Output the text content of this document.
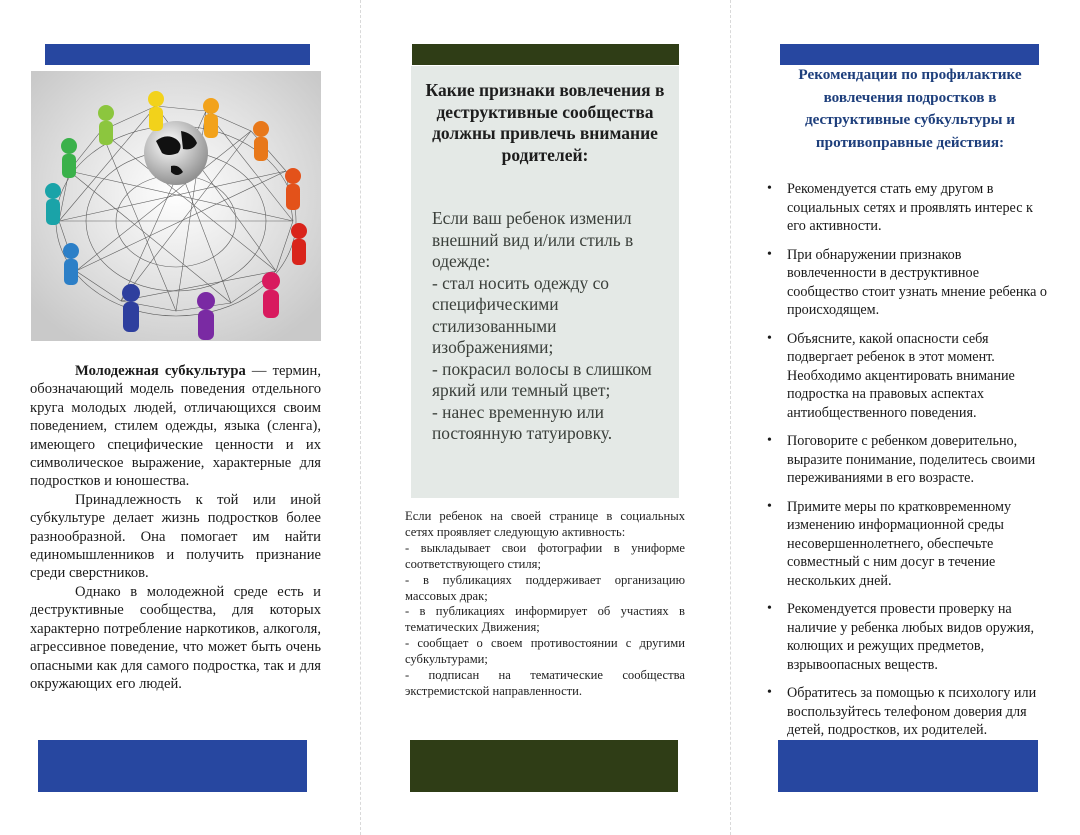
Молодежная субкультура — термин, обозначающий модель поведения отдельного круга молодых людей, отличающихся своим поведением, стилем одежды, языка (сленга), имеющего специфические ценности и их символическое выражение, характерные для подростков и юношества.

Принадлежность к той или иной субкультуре делает жизнь подростков более разнообразной. Она помогает им найти единомышленников и получить признание среди сверстников.

Однако в молодежной среде есть и деструктивные сообщества, для которых характерно потребление наркотиков, алкоголя, агрессивное поведение, что может быть очень опасными как для самого подростка, так и для окружающих его людей.

Какие признаки вовлечения в деструктивные сообщества должны привлечь внимание родителей:
Если ваш ребенок изменил внешний вид и/или стиль в одежде:
- стал носить одежду со специфическими стилизованными изображениями;
- покрасил волосы в слишком яркий или темный цвет;
- нанес временную или постоянную татуировку.
Если ребенок на своей странице в социальных сетях проявляет следующую активность:
- выкладывает свои фотографии в униформе соответствующего стиля;
- в публикациях поддерживает организацию массовых драк;
- в публикациях информирует об участиях в тематических Движения;
- сообщает о своем противостоянии с другими субкультурами;
- подписан на тематические сообщества экстремистской направленности.
Рекомендации по профилактике вовлечения подростков в деструктивные субкультуры и противоправные действия:
• Рекомендуется стать ему другом в социальных сетях и проявлять интерес к его активности.
• При обнаружении признаков вовлеченности в деструктивное сообщество стоит узнать мнение ребенка о происходящем.
• Объясните, какой опасности себя подвергает ребенок в этот момент. Необходимо акцентировать внимание подростка на правовых аспектах антиобщественного поведения.
• Поговорите с ребенком доверительно, выразите понимание, поделитесь своими переживаниями в его возрасте.
• Примите меры по кратковременному изменению информационной среды несовершеннолетнего, обеспечьте совместный с ним досуг в течение нескольких дней.
• Рекомендуется провести проверку на наличие у ребенка любых видов оружия, колющих и режущих предметов, взрывоопасных веществ.
• Обратитесь за помощью к психологу или воспользуйтесь телефоном доверия для детей, подростков, их родителей.
